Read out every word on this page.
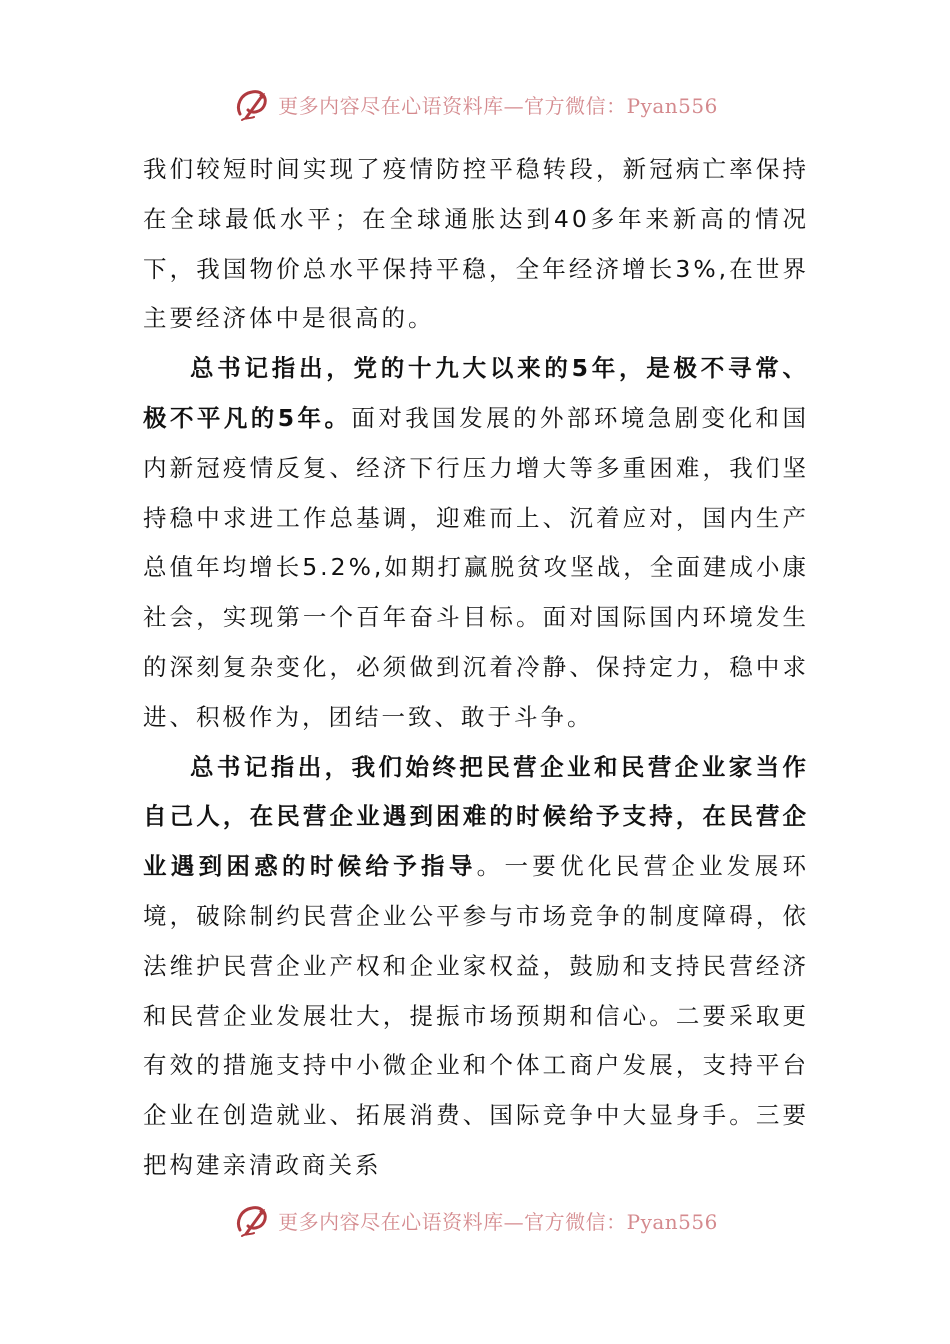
更多内容尽在心语资料库—官方微信：Pyan556

我们较短时间实现了疫情防控平稳转段，新冠病亡率保持在全球最低水平；在全球通胀达到40多年来新高的情况下，我国物价总水平保持平稳，全年经济增长3%,在世界主要经济体中是很高的。

总书记指出，党的十九大以来的5年，是极不寻常、极不平凡的5年。面对我国发展的外部环境急剧变化和国内新冠疫情反复、经济下行压力增大等多重困难，我们坚持稳中求进工作总基调，迎难而上、沉着应对，国内生产总值年均增长5.2%,如期打赢脱贫攻坚战，全面建成小康社会，实现第一个百年奋斗目标。面对国际国内环境发生的深刻复杂变化，必须做到沉着冷静、保持定力，稳中求进、积极作为，团结一致、敢于斗争。

总书记指出，我们始终把民营企业和民营企业家当作自己人，在民营企业遇到困难的时候给予支持，在民营企业遇到困惑的时候给予指导。一要优化民营企业发展环境，破除制约民营企业公平参与市场竞争的制度障碍，依法维护民营企业产权和企业家权益，鼓励和支持民营经济和民营企业发展壮大，提振市场预期和信心。二要采取更有效的措施支持中小微企业和个体工商户发展，支持平台企业在创造就业、拓展消费、国际竞争中大显身手。三要把构建亲清政商关系

更多内容尽在心语资料库—官方微信：Pyan556
